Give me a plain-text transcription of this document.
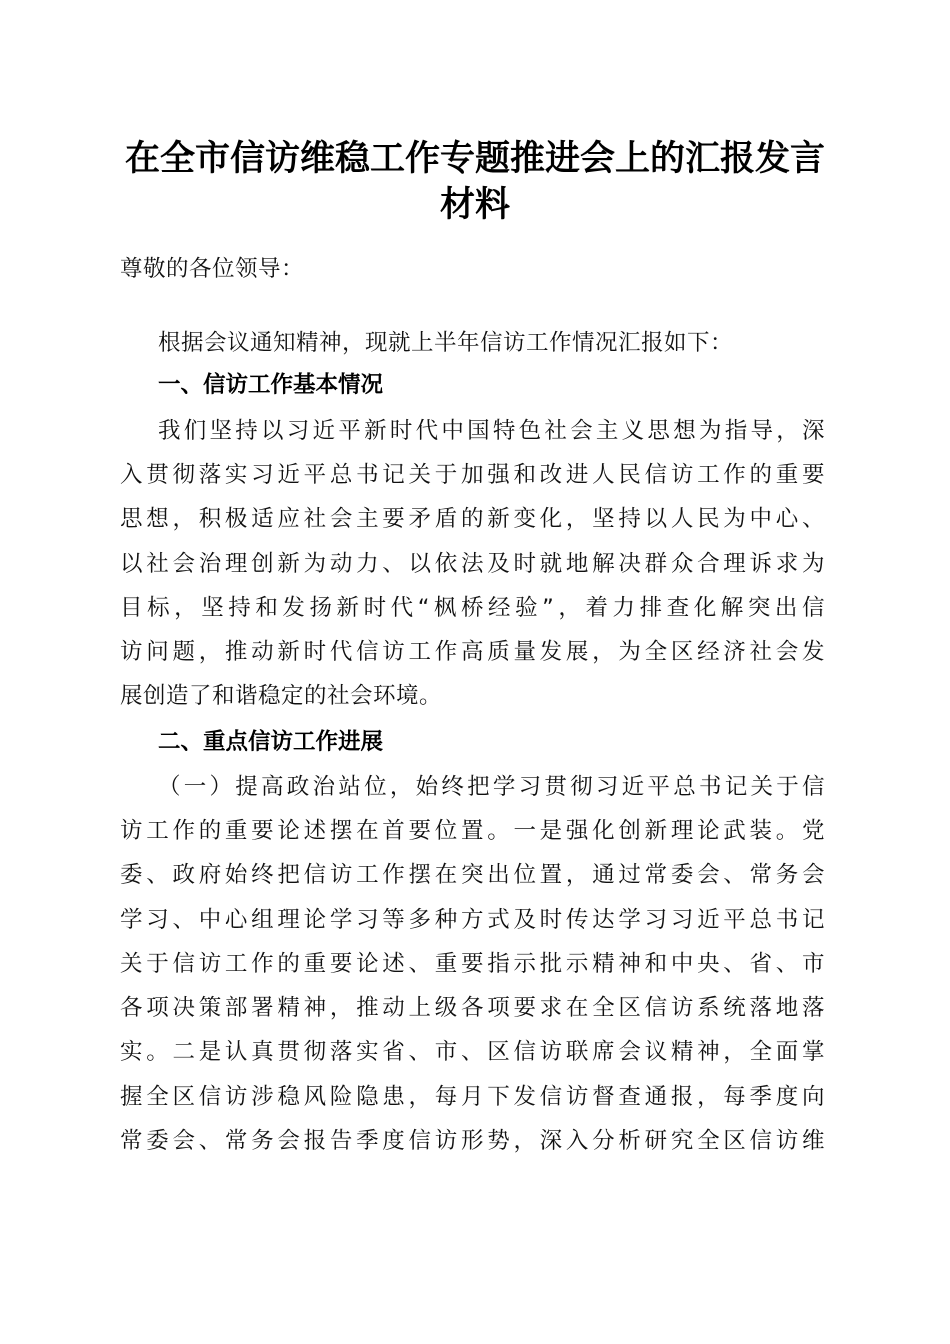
在全市信访维稳工作专题推进会上的汇报发言
材料
尊敬的各位领导：
根据会议通知精神，现就上半年信访工作情况汇报如下：
一、信访工作基本情况
我们坚持以习近平新时代中国特色社会主义思想为指导，深
入贯彻落实习近平总书记关于加强和改进人民信访工作的重要
思想，积极适应社会主要矛盾的新变化，坚持以人民为中心、
以社会治理创新为动力、以依法及时就地解决群众合理诉求为
目标，坚持和发扬新时代“枫桥经验”，着力排查化解突出信
访问题，推动新时代信访工作高质量发展，为全区经济社会发
展创造了和谐稳定的社会环境。
二、重点信访工作进展
（一）提高政治站位，始终把学习贯彻习近平总书记关于信
访工作的重要论述摆在首要位置。一是强化创新理论武装。党
委、政府始终把信访工作摆在突出位置，通过常委会、常务会
学习、中心组理论学习等多种方式及时传达学习习近平总书记
关于信访工作的重要论述、重要指示批示精神和中央、省、市
各项决策部署精神，推动上级各项要求在全区信访系统落地落
实。二是认真贯彻落实省、市、区信访联席会议精神，全面掌
握全区信访涉稳风险隐患，每月下发信访督查通报，每季度向
常委会、常务会报告季度信访形势，深入分析研究全区信访维
